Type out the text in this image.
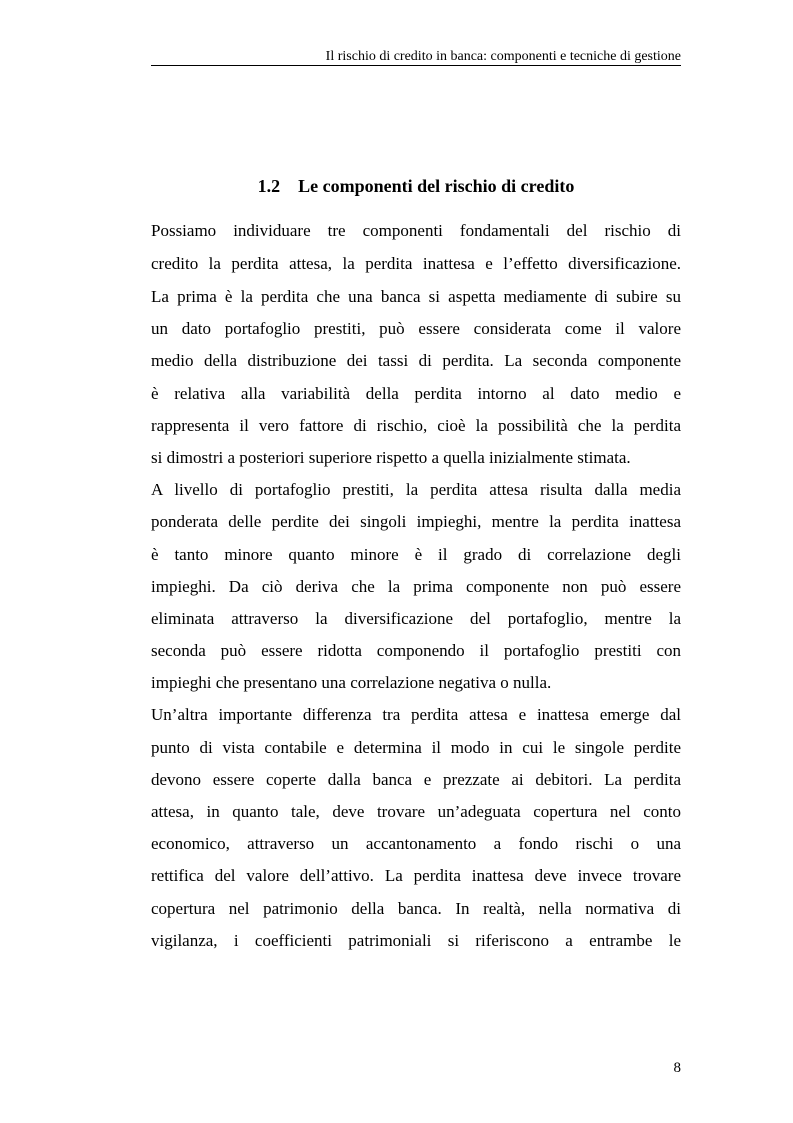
Il rischio di credito in banca: componenti e tecniche di gestione
1.2 Le componenti del rischio di credito
Possiamo individuare tre componenti fondamentali del rischio di
credito la perdita attesa, la perdita inattesa e l’effetto diversificazione.
La prima è la perdita che una banca si aspetta mediamente di subire su
un dato portafoglio prestiti, può essere considerata come il valore
medio della distribuzione dei tassi di perdita. La seconda componente
è relativa alla variabilità della perdita intorno al dato medio e
rappresenta il vero fattore di rischio, cioè la possibilità che la perdita
si dimostri a posteriori superiore rispetto a quella inizialmente stimata.
A livello di portafoglio prestiti, la perdita attesa risulta dalla media
ponderata delle perdite dei singoli impieghi, mentre la perdita inattesa
è tanto minore quanto minore è il grado di correlazione degli
impieghi. Da ciò deriva che la prima componente non può essere
eliminata attraverso la diversificazione del portafoglio, mentre la
seconda può essere ridotta componendo il portafoglio prestiti con
impieghi che presentano una correlazione negativa o nulla.
Un’altra importante differenza tra perdita attesa e inattesa emerge dal
punto di vista contabile e determina il modo in cui le singole perdite
devono essere coperte dalla banca e prezzate ai debitori. La perdita
attesa, in quanto tale, deve trovare un’adeguata copertura nel conto
economico, attraverso un accantonamento a fondo rischi o una
rettifica del valore dell’attivo. La perdita inattesa deve invece trovare
copertura nel patrimonio della banca. In realtà, nella normativa di
vigilanza, i coefficienti patrimoniali si riferiscono a entrambe le
8
